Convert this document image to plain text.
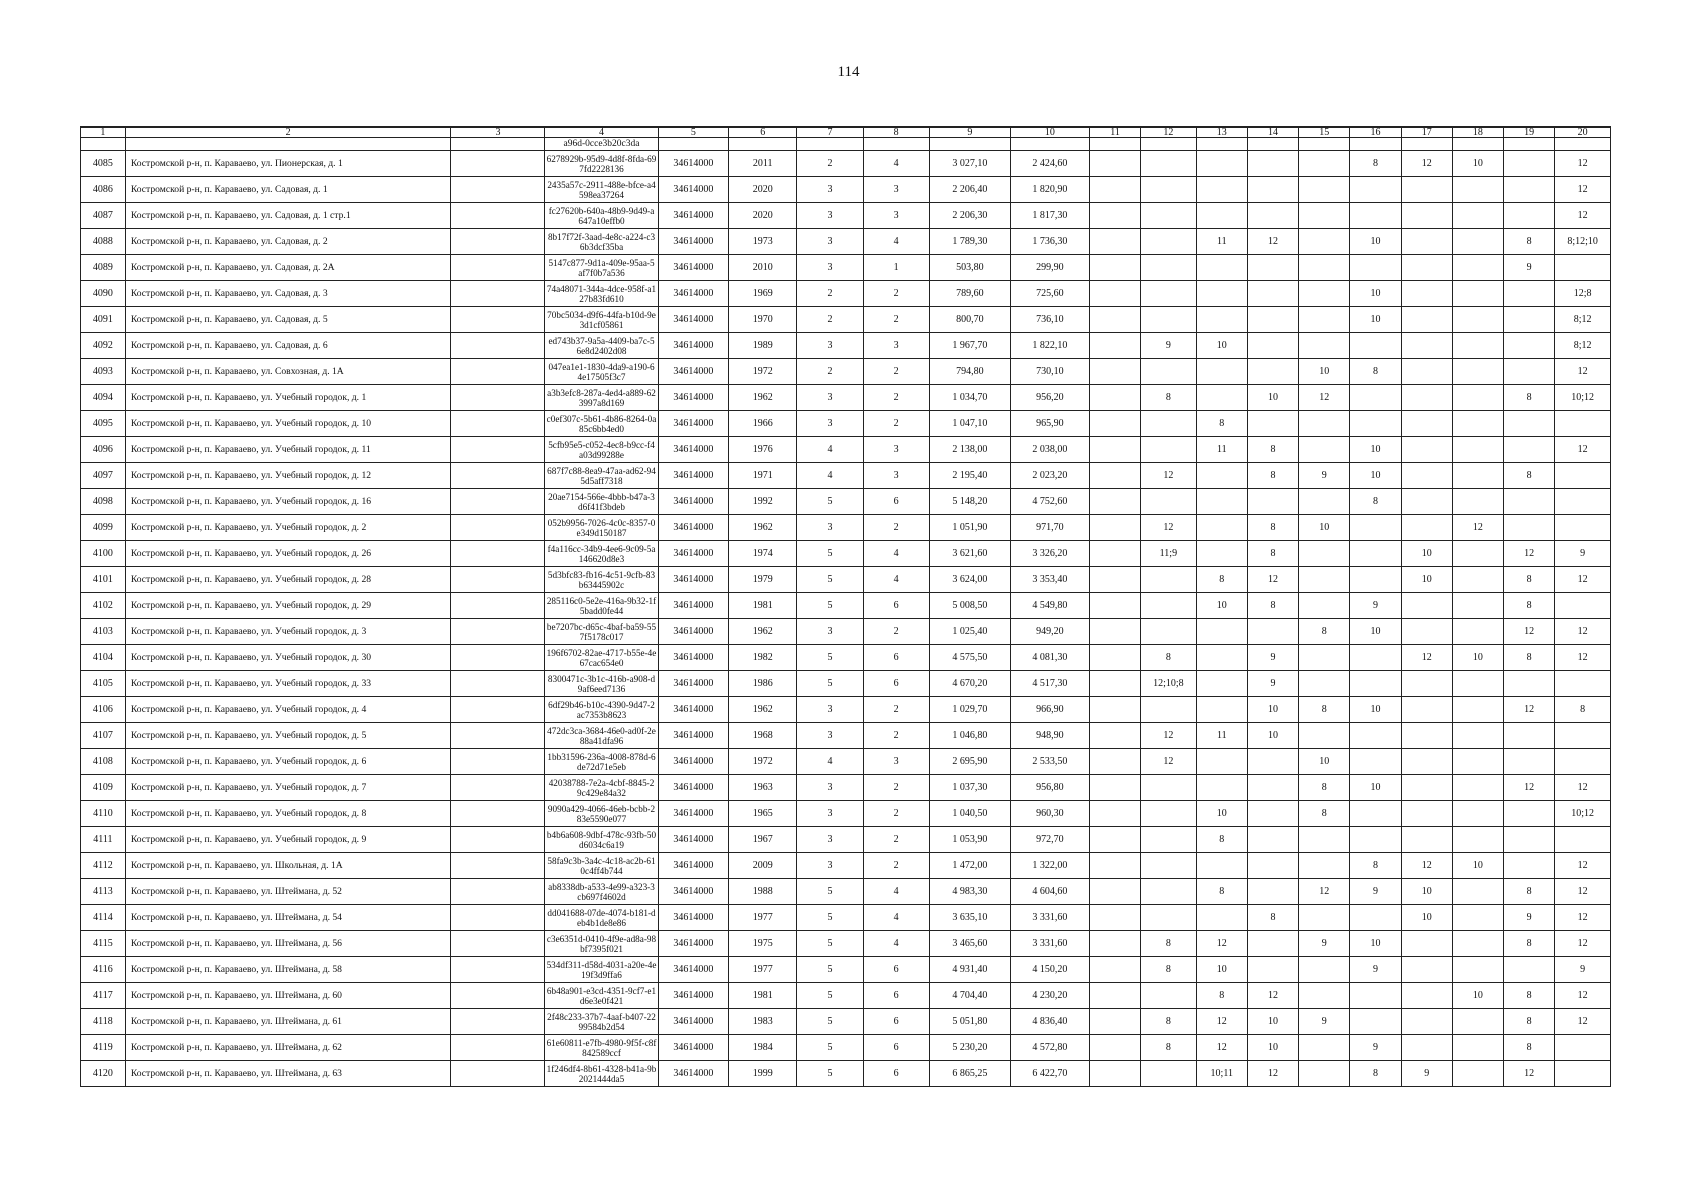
114
1	2	3	4	5	6	7	8	9	10	11	12	13	14	15	16	17	18	19	20
			a96d-0cce3b20c3da																
4085	Костромской р-н, п. Караваево, ул. Пионерская, д. 1		6278929b-95d9-4d8f-8fda-697fd2228136	34614000	2011	2	4	3 027,10	2 424,60						8	12	10		12
4086	Костромской р-н, п. Караваево, ул. Садовая, д. 1		2435a57c-2911-488e-bfce-a4598ea37264	34614000	2020	3	3	2 206,40	1 820,90										12
4087	Костромской р-н, п. Караваево, ул. Садовая, д. 1 стр.1		fc27620b-640a-48b9-9d49-a647a10effb0	34614000	2020	3	3	2 206,30	1 817,30										12
4088	Костромской р-н, п. Караваево, ул. Садовая, д. 2		8b17f72f-3aad-4e8c-a224-c36b3dcf35ba	34614000	1973	3	4	1 789,30	1 736,30			11	12		10			8	8;12;10
4089	Костромской р-н, п. Караваево, ул. Садовая, д. 2А		5147c877-9d1a-409e-95aa-5af7f0b7a536	34614000	2010	3	1	503,80	299,90									9	
4090	Костромской р-н, п. Караваево, ул. Садовая, д. 3		74a48071-344a-4dce-958f-a127b83fd610	34614000	1969	2	2	789,60	725,60						10				12;8
4091	Костромской р-н, п. Караваево, ул. Садовая, д. 5		70bc5034-d9f6-44fa-b10d-9e3d1cf05861	34614000	1970	2	2	800,70	736,10						10				8;12
4092	Костромской р-н, п. Караваево, ул. Садовая, д. 6		ed743b37-9a5a-4409-ba7c-56e8d2402d08	34614000	1989	3	3	1 967,70	1 822,10		9	10							8;12
4093	Костромской р-н, п. Караваево, ул. Совхозная, д. 1А		047ea1e1-1830-4da9-a190-64e17505f3c7	34614000	1972	2	2	794,80	730,10					10	8				12
4094	Костромской р-н, п. Караваево, ул. Учебный городок, д. 1		a3b3efc8-287a-4ed4-a889-623997a8d169	34614000	1962	3	2	1 034,70	956,20		8		10	12				8	10;12
4095	Костромской р-н, п. Караваево, ул. Учебный городок, д. 10		c0ef307c-5b61-4b86-8264-0a85c6bb4ed0	34614000	1966	3	2	1 047,10	965,90			8							
4096	Костромской р-н, п. Караваево, ул. Учебный городок, д. 11		5cfb95e5-c052-4ec8-b9cc-f4a03d99288e	34614000	1976	4	3	2 138,00	2 038,00			11	8		10				12
4097	Костромской р-н, п. Караваево, ул. Учебный городок, д. 12		687f7c88-8ea9-47aa-ad62-945d5aff7318	34614000	1971	4	3	2 195,40	2 023,20		12		8	9	10			8	
4098	Костромской р-н, п. Караваево, ул. Учебный городок, д. 16		20ae7154-566e-4bbb-b47a-3d6f41f3bdeb	34614000	1992	5	6	5 148,20	4 752,60						8				
4099	Костромской р-н, п. Караваево, ул. Учебный городок, д. 2		052b9956-7026-4c0c-8357-0e349d150187	34614000	1962	3	2	1 051,90	971,70		12		8	10			12		
4100	Костромской р-н, п. Караваево, ул. Учебный городок, д. 26		f4a116cc-34b9-4ee6-9c09-5a146620d8e3	34614000	1974	5	4	3 621,60	3 326,20		11;9		8			10		12	9
4101	Костромской р-н, п. Караваево, ул. Учебный городок, д. 28		5d3bfc83-fb16-4c51-9cfb-83b63445902c	34614000	1979	5	4	3 624,00	3 353,40			8	12			10		8	12
4102	Костромской р-н, п. Караваево, ул. Учебный городок, д. 29		285116c0-5e2e-416a-9b32-1f5badd0fe44	34614000	1981	5	6	5 008,50	4 549,80			10	8		9			8	
4103	Костромской р-н, п. Караваево, ул. Учебный городок, д. 3		be7207bc-d65c-4baf-ba59-557f5178c017	34614000	1962	3	2	1 025,40	949,20					8	10			12	12
4104	Костромской р-н, п. Караваево, ул. Учебный городок, д. 30		196f6702-82ae-4717-b55e-4e67cac654e0	34614000	1982	5	6	4 575,50	4 081,30		8		9			12	10	8	12
4105	Костромской р-н, п. Караваево, ул. Учебный городок, д. 33		8300471c-3b1c-416b-a908-d9af6eed7136	34614000	1986	5	6	4 670,20	4 517,30		12;10;8		9						
4106	Костромской р-н, п. Караваево, ул. Учебный городок, д. 4		6df29b46-b10c-4390-9d47-2ac7353b8623	34614000	1962	3	2	1 029,70	966,90				10	8	10			12	8
4107	Костромской р-н, п. Караваево, ул. Учебный городок, д. 5		472dc3ca-3684-46e0-ad0f-2e88a41dfa96	34614000	1968	3	2	1 046,80	948,90		12	11	10						
4108	Костромской р-н, п. Караваево, ул. Учебный городок, д. 6		1bb31596-236a-4008-878d-6de72d71e5eb	34614000	1972	4	3	2 695,90	2 533,50		12			10					
4109	Костромской р-н, п. Караваево, ул. Учебный городок, д. 7		42038788-7e2a-4cbf-8845-29c429e84a32	34614000	1963	3	2	1 037,30	956,80					8	10			12	12
4110	Костромской р-н, п. Караваево, ул. Учебный городок, д. 8		9090a429-4066-46eb-bcbb-283e5590e077	34614000	1965	3	2	1 040,50	960,30			10		8					10;12
4111	Костромской р-н, п. Караваево, ул. Учебный городок, д. 9		b4b6a608-9dbf-478c-93fb-50d6034c6a19	34614000	1967	3	2	1 053,90	972,70			8							
4112	Костромской р-н, п. Караваево, ул. Школьная, д. 1А		58fa9c3b-3a4c-4c18-ac2b-610c4ff4b744	34614000	2009	3	2	1 472,00	1 322,00						8	12	10		12
4113	Костромской р-н, п. Караваево, ул. Штеймана, д. 52		ab8338db-a533-4e99-a323-3cb697f4602d	34614000	1988	5	4	4 983,30	4 604,60			8		12	9	10		8	12
4114	Костромской р-н, п. Караваево, ул. Штеймана, д. 54		dd041688-07de-4074-b181-deb4b1de8e86	34614000	1977	5	4	3 635,10	3 331,60				8			10		9	12
4115	Костромской р-н, п. Караваево, ул. Штеймана, д. 56		c3e6351d-0410-4f9e-ad8a-98bf7395f021	34614000	1975	5	4	3 465,60	3 331,60		8	12		9	10			8	12
4116	Костромской р-н, п. Караваево, ул. Штеймана, д. 58		534df311-d58d-4031-a20e-4e19f3d9ffa6	34614000	1977	5	6	4 931,40	4 150,20		8	10			9				9
4117	Костромской р-н, п. Караваево, ул. Штеймана, д. 60		6b48a901-e3cd-4351-9cf7-e1d6e3e0f421	34614000	1981	5	6	4 704,40	4 230,20			8	12				10	8	12
4118	Костромской р-н, п. Караваево, ул. Штеймана, д. 61		2f48c233-37b7-4aaf-b407-2299584b2d54	34614000	1983	5	6	5 051,80	4 836,40		8	12	10	9				8	12
4119	Костромской р-н, п. Караваево, ул. Штеймана, д. 62		61e60811-e7fb-4980-9f5f-c8f842589ccf	34614000	1984	5	6	5 230,20	4 572,80		8	12	10		9			8	
4120	Костромской р-н, п. Караваево, ул. Штеймана, д. 63		1f246df4-8b61-4328-b41a-9b2021444da5	34614000	1999	5	6	6 865,25	6 422,70			10;11	12		8	9		12	
